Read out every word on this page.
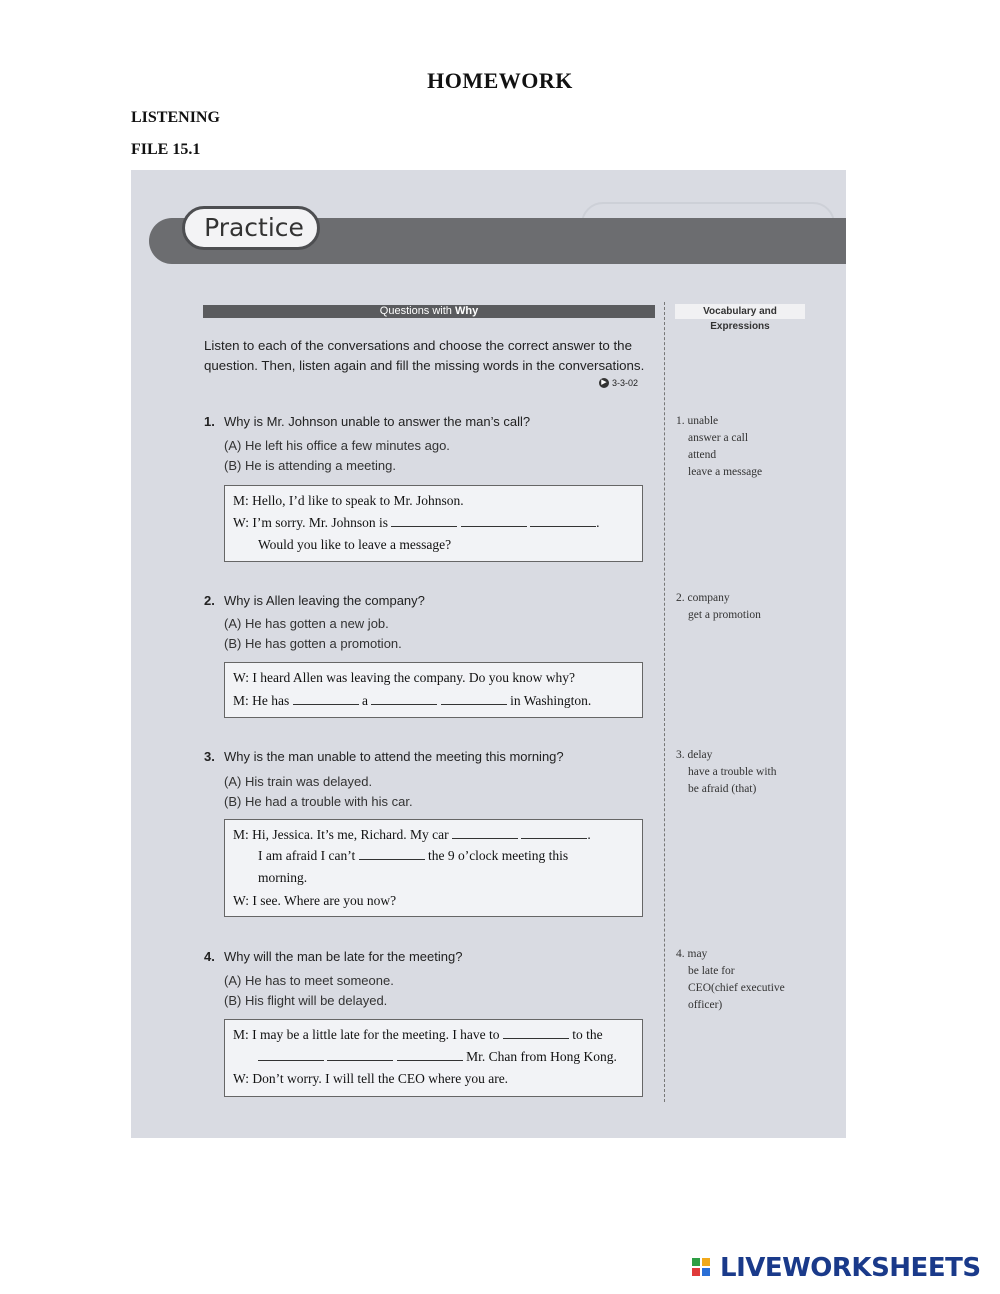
HOMEWORK
LISTENING
FILE 15.1
Practice
Questions with Why	Vocabulary and Expressions
Listen to each of the conversations and choose the correct answer to the question. Then, listen again and fill the missing words in the conversations.
▶ 3-3-02
1. Why is Mr. Johnson unable to answer the man’s call?
(A) He left his office a few minutes ago.
(B) He is attending a meeting.
M: Hello, I’d like to speak to Mr. Johnson.
W: I’m sorry. Mr. Johnson is	.
Would you like to leave a message?
2. Why is Allen leaving the company?
(A) He has gotten a new job.
(B) He has gotten a promotion.
W: I heard Allen was leaving the company. Do you know why?
M: He has	a	in Washington.
3. Why is the man unable to attend the meeting this morning?
(A) His train was delayed.
(B) He had a trouble with his car.
M: Hi, Jessica. It’s me, Richard. My car	.
I am afraid I can’t	the 9 o’clock meeting this
morning.
W: I see. Where are you now?
4. Why will the man be late for the meeting?
(A) He has to meet someone.
(B) His flight will be delayed.
M: I may be a little late for the meeting. I have to	to the
Mr. Chan from Hong Kong.
W: Don’t worry. I will tell the CEO where you are.
1. unable
answer a call
attend
leave a message
2. company
get a promotion
3. delay
have a trouble with
be afraid (that)
4. may
be late for
CEO(chief executive
officer)
LIVEWORKSHEETS
